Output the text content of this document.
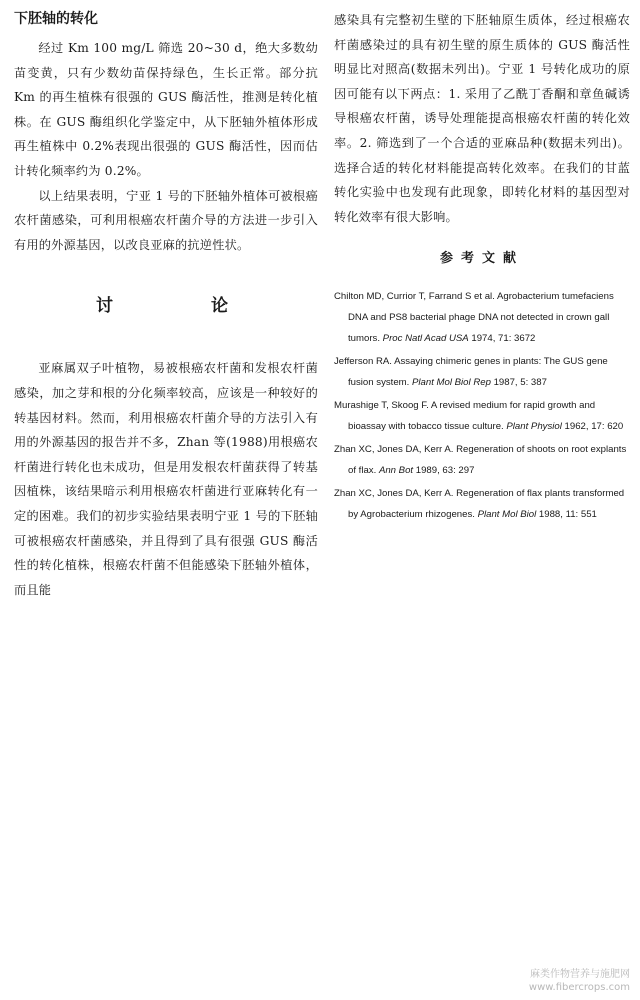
下胚轴的转化

经过 Km 100 mg/L 筛选 20~30 d，绝大多数幼苗变黄，只有少数幼苗保持绿色，生长正常。部分抗 Km 的再生植株有很强的 GUS 酶活性，推测是转化植株。在 GUS 酶组织化学鉴定中，从下胚轴外植体形成再生植株中 0.2%表现出很强的 GUS 酶活性，因而估计转化频率约为 0.2%。

以上结果表明，宁亚 1 号的下胚轴外植体可被根癌农杆菌感染，可利用根癌农杆菌介导的方法进一步引入有用的外源基因，以改良亚麻的抗逆性状。

讨 论

亚麻属双子叶植物，易被根癌农杆菌和发根农杆菌感染，加之芽和根的分化频率较高，应该是一种较好的转基因材料。然而，利用根癌农杆菌介导的方法引入有用的外源基因的报告并不多，Zhan 等(1988)用根癌农杆菌进行转化也未成功，但是用发根农杆菌获得了转基因植株，该结果暗示利用根癌农杆菌进行亚麻转化有一定的困难。我们的初步实验结果表明宁亚 1 号的下胚轴可被根癌农杆菌感染，并且得到了具有很强 GUS 酶活性的转化植株，根癌农杆菌不但能感染下胚轴外植体，而且能

感染具有完整初生壁的下胚轴原生质体，经过根癌农杆菌感染过的具有初生壁的原生质体的 GUS 酶活性明显比对照高(数据未列出)。宁亚 1 号转化成功的原因可能有以下两点：1. 采用了乙酰丁香酮和章鱼碱诱导根癌农杆菌，诱导处理能提高根癌农杆菌的转化效率。2. 筛选到了一个合适的亚麻品种(数据未列出)。选择合适的转化材料能提高转化效率。在我们的甘蓝转化实验中也发现有此现象，即转化材料的基因型对转化效率有很大影响。

参考文献

Chilton MD, Currior T, Farrand S et al. Agrobacterium tumefaciens DNA and PS8 bacterial phage DNA not detected in crown gall tumors. Proc Natl Acad USA 1974, 71: 3672

Jefferson RA. Assaying chimeric genes in plants: The GUS gene fusion system. Plant Mol Biol Rep 1987, 5: 387

Murashige T, Skoog F. A revised medium for rapid growth and bioassay with tobacco tissue culture. Plant Physiol 1962, 17: 620

Zhan XC, Jones DA, Kerr A. Regeneration of shoots on root explants of flax. Ann Bot 1989, 63: 297

Zhan XC, Jones DA, Kerr A. Regeneration of flax plants transformed by Agrobacterium rhizogenes. Plant Mol Biol 1988, 11: 551

麻类作物营养与施肥网
www.fibercrops.com
